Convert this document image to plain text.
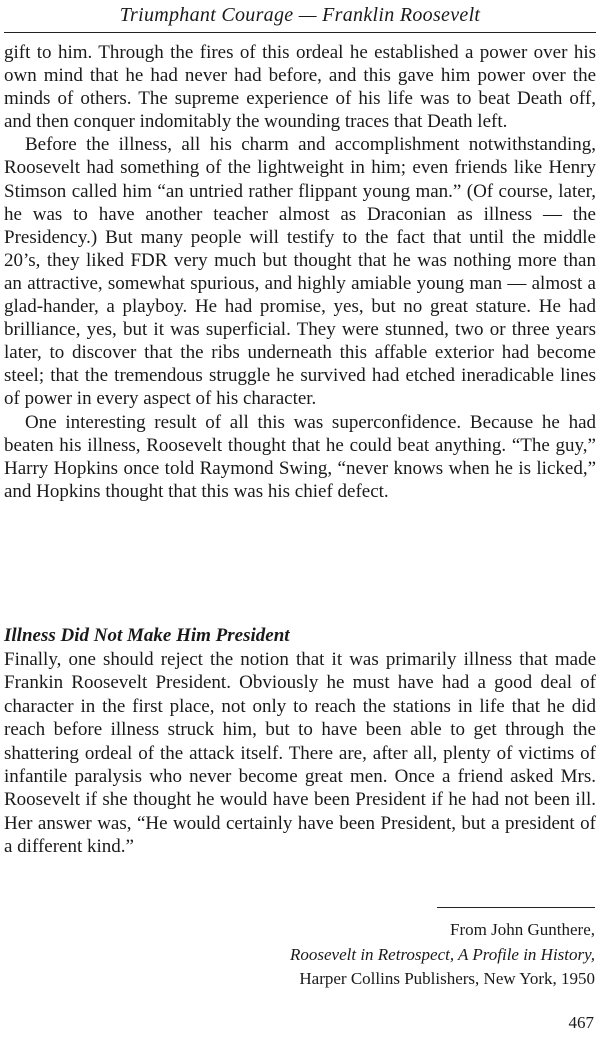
Triumphant Courage — Franklin Roosevelt

gift to him. Through the fires of this ordeal he established a power over his own mind that he had never had before, and this gave him power over the minds of others. The supreme experience of his life was to beat Death off, and then conquer indomitably the wounding traces that Death left.

Before the illness, all his charm and accomplishment notwithstanding, Roosevelt had something of the lightweight in him; even friends like Henry Stimson called him “an untried rather flippant young man.” (Of course, later, he was to have another teacher almost as Draconian as illness — the Presidency.) But many people will testify to the fact that until the middle 20’s, they liked FDR very much but thought that he was nothing more than an attractive, somewhat spurious, and highly amiable young man — almost a glad-hander, a playboy. He had promise, yes, but no great stature. He had brilliance, yes, but it was superficial. They were stunned, two or three years later, to discover that the ribs underneath this affable exterior had become steel; that the tremendous struggle he survived had etched ineradicable lines of power in every aspect of his character.

One interesting result of all this was superconfidence. Because he had beaten his illness, Roosevelt thought that he could beat anything. “The guy,” Harry Hopkins once told Raymond Swing, “never knows when he is licked,” and Hopkins thought that this was his chief defect.

Illness Did Not Make Him President

Finally, one should reject the notion that it was primarily illness that made Frankin Roosevelt President. Obviously he must have had a good deal of character in the first place, not only to reach the stations in life that he did reach before illness struck him, but to have been able to get through the shattering ordeal of the attack itself. There are, after all, plenty of victims of infantile paralysis who never become great men. Once a friend asked Mrs. Roosevelt if she thought he would have been President if he had not been ill. Her answer was, “He would certainly have been President, but a president of a different kind.”

From John Gunthere,
Roosevelt in Retrospect, A Profile in History,
Harper Collins Publishers, New York, 1950
467
